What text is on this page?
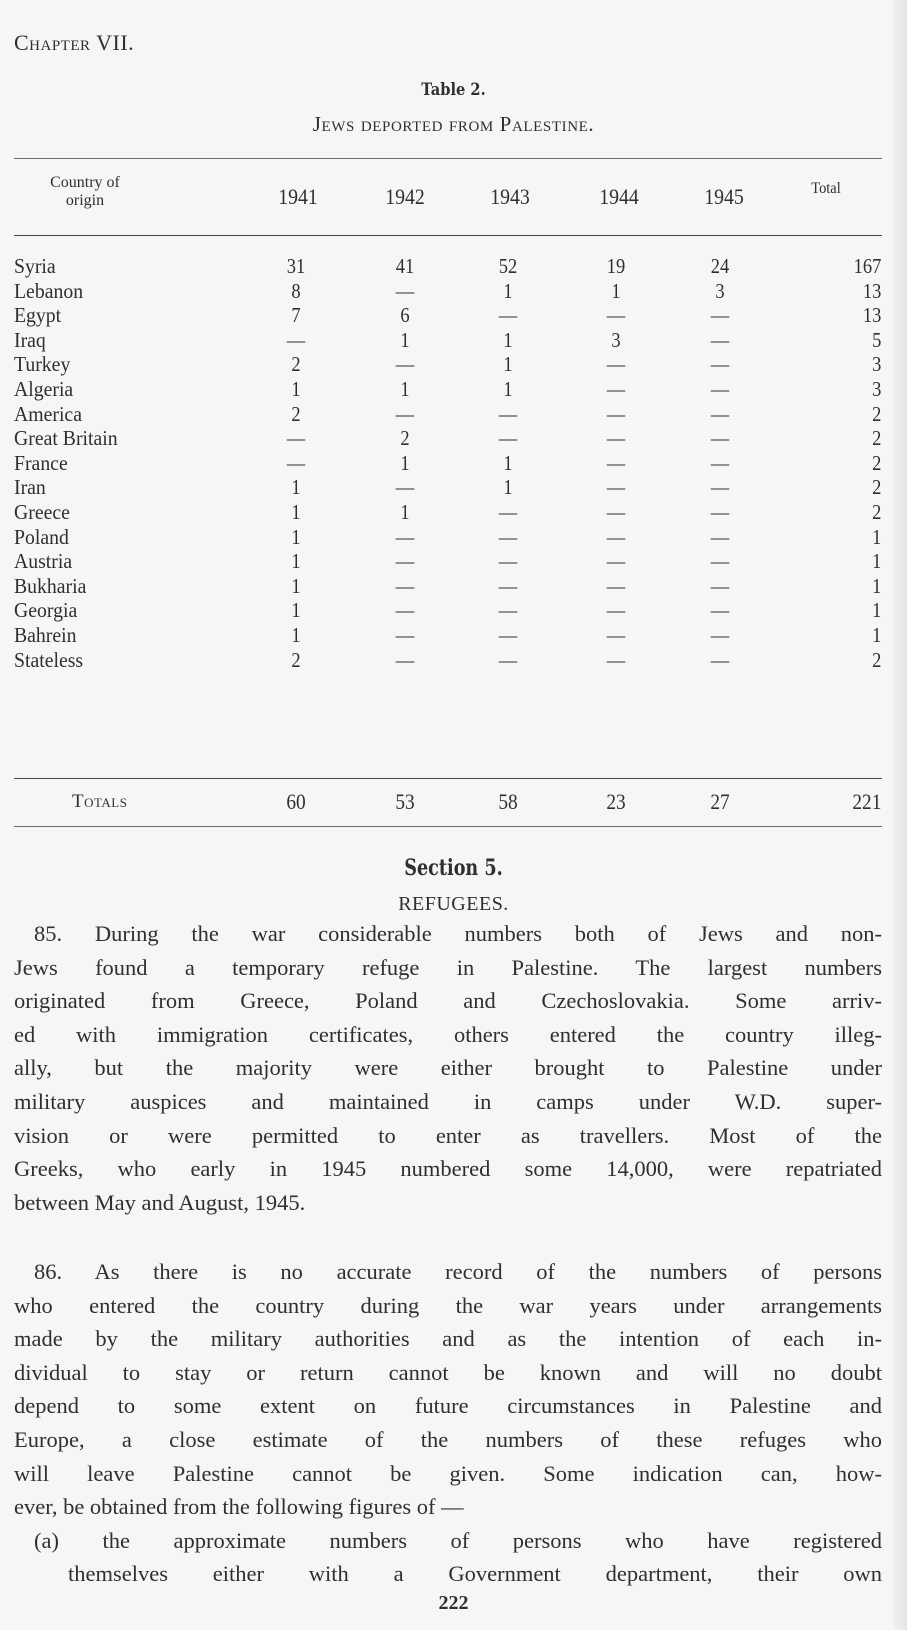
Chapter VII.
Table 2.
Jews deported from Palestine.
Country of
origin	1941	1942	1943	1944	1945	Total
Syria	31	41	52	19	24	167
Lebanon	8	—	1	1	3	13
Egypt	7	6	—	—	—	13
Iraq	—	1	1	3	—	5
Turkey	2	—	1	—	—	3
Algeria	1	1	1	—	—	3
America	2	—	—	—	—	2
Great Britain	—	2	—	—	—	2
France	—	1	1	—	—	2
Iran	1	—	1	—	—	2
Greece	1	1	—	—	—	2
Poland	1	—	—	—	—	1
Austria	1	—	—	—	—	1
Bukharia	1	—	—	—	—	1
Georgia	1	—	—	—	—	1
Bahrein	1	—	—	—	—	1
Stateless	2	—	—	—	—	2
Totals	60	53	58	23	27	221
Section 5.
REFUGEES.
85. During the war considerable numbers both of Jews and non-
Jews found a temporary refuge in Palestine. The largest numbers
originated from Greece, Poland and Czechoslovakia. Some arriv-
ed with immigration certificates, others entered the country illeg-
ally, but the majority were either brought to Palestine under
military auspices and maintained in camps under W.D. super-
vision or were permitted to enter as travellers. Most of the
Greeks, who early in 1945 numbered some 14,000, were repatriated
between May and August, 1945.
86. As there is no accurate record of the numbers of persons
who entered the country during the war years under arrangements
made by the military authorities and as the intention of each in-
dividual to stay or return cannot be known and will no doubt
depend to some extent on future circumstances in Palestine and
Europe, a close estimate of the numbers of these refuges who
will leave Palestine cannot be given. Some indication can, how-
ever, be obtained from the following figures of —
(a) the approximate numbers of persons who have registered
themselves either with a Government department, their own
222
